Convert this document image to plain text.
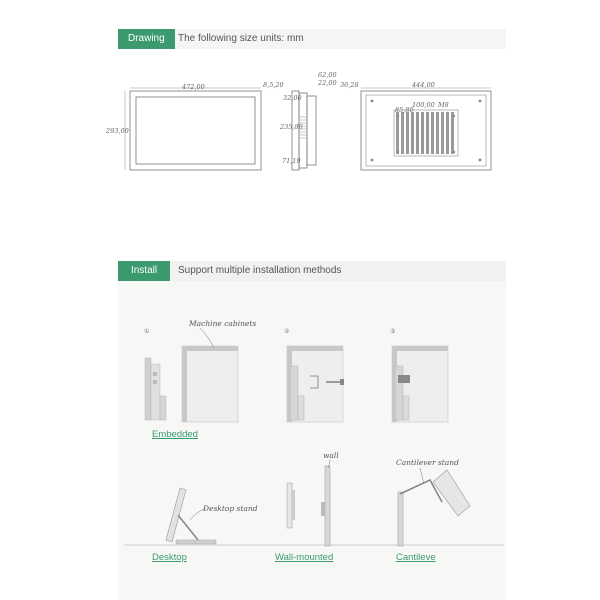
Drawing	The following size units: mm
472,00
293,00
8,5,20
62,00
22,00
32,00
235,86
71,19
36,28	444,00
100,00
85,80
M8
Install	Support multiple installation methods
①	②	③
Machine cabinets
Desktop stand
wall
Cantilever stand
Embedded
Desktop	Wall-mounted	Cantileve
